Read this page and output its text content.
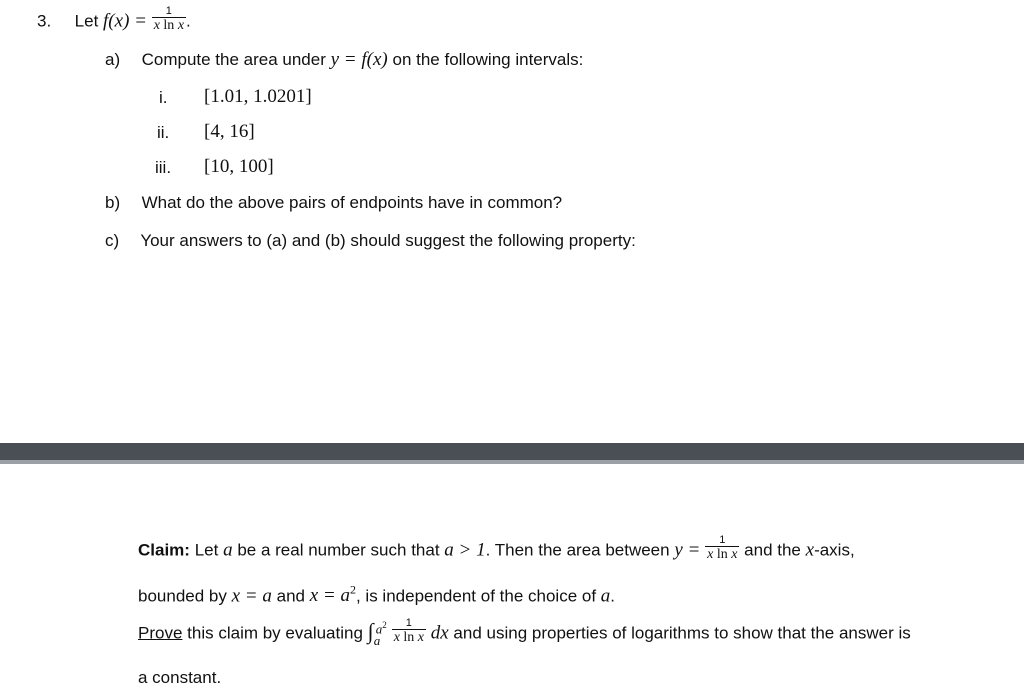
3. Let $f(x) = \frac{1}{\text{x ln x}}$ .
a) Compute the area under y = f(x) on the following intervals:
i. [1.01, 1.0201]
ii. [4, 16]
iii. [10, 100]
b) What do the above pairs of endpoints have in common?
c) Your answers to (a) and (b) should suggest the following property:
Claim: Let a be a real number such that a > 1. Then the area between $y = \frac{1}{\text{x ln x}}$ and the x-axis,
bounded by x = a and $x = a^2$, is independent of the choice of a.
Prove this claim by evaluating ∫ $a^2$
a $\frac{1}{\text{x ln x}}$ dx and using properties of logarithms to show that the answer is
a constant.
